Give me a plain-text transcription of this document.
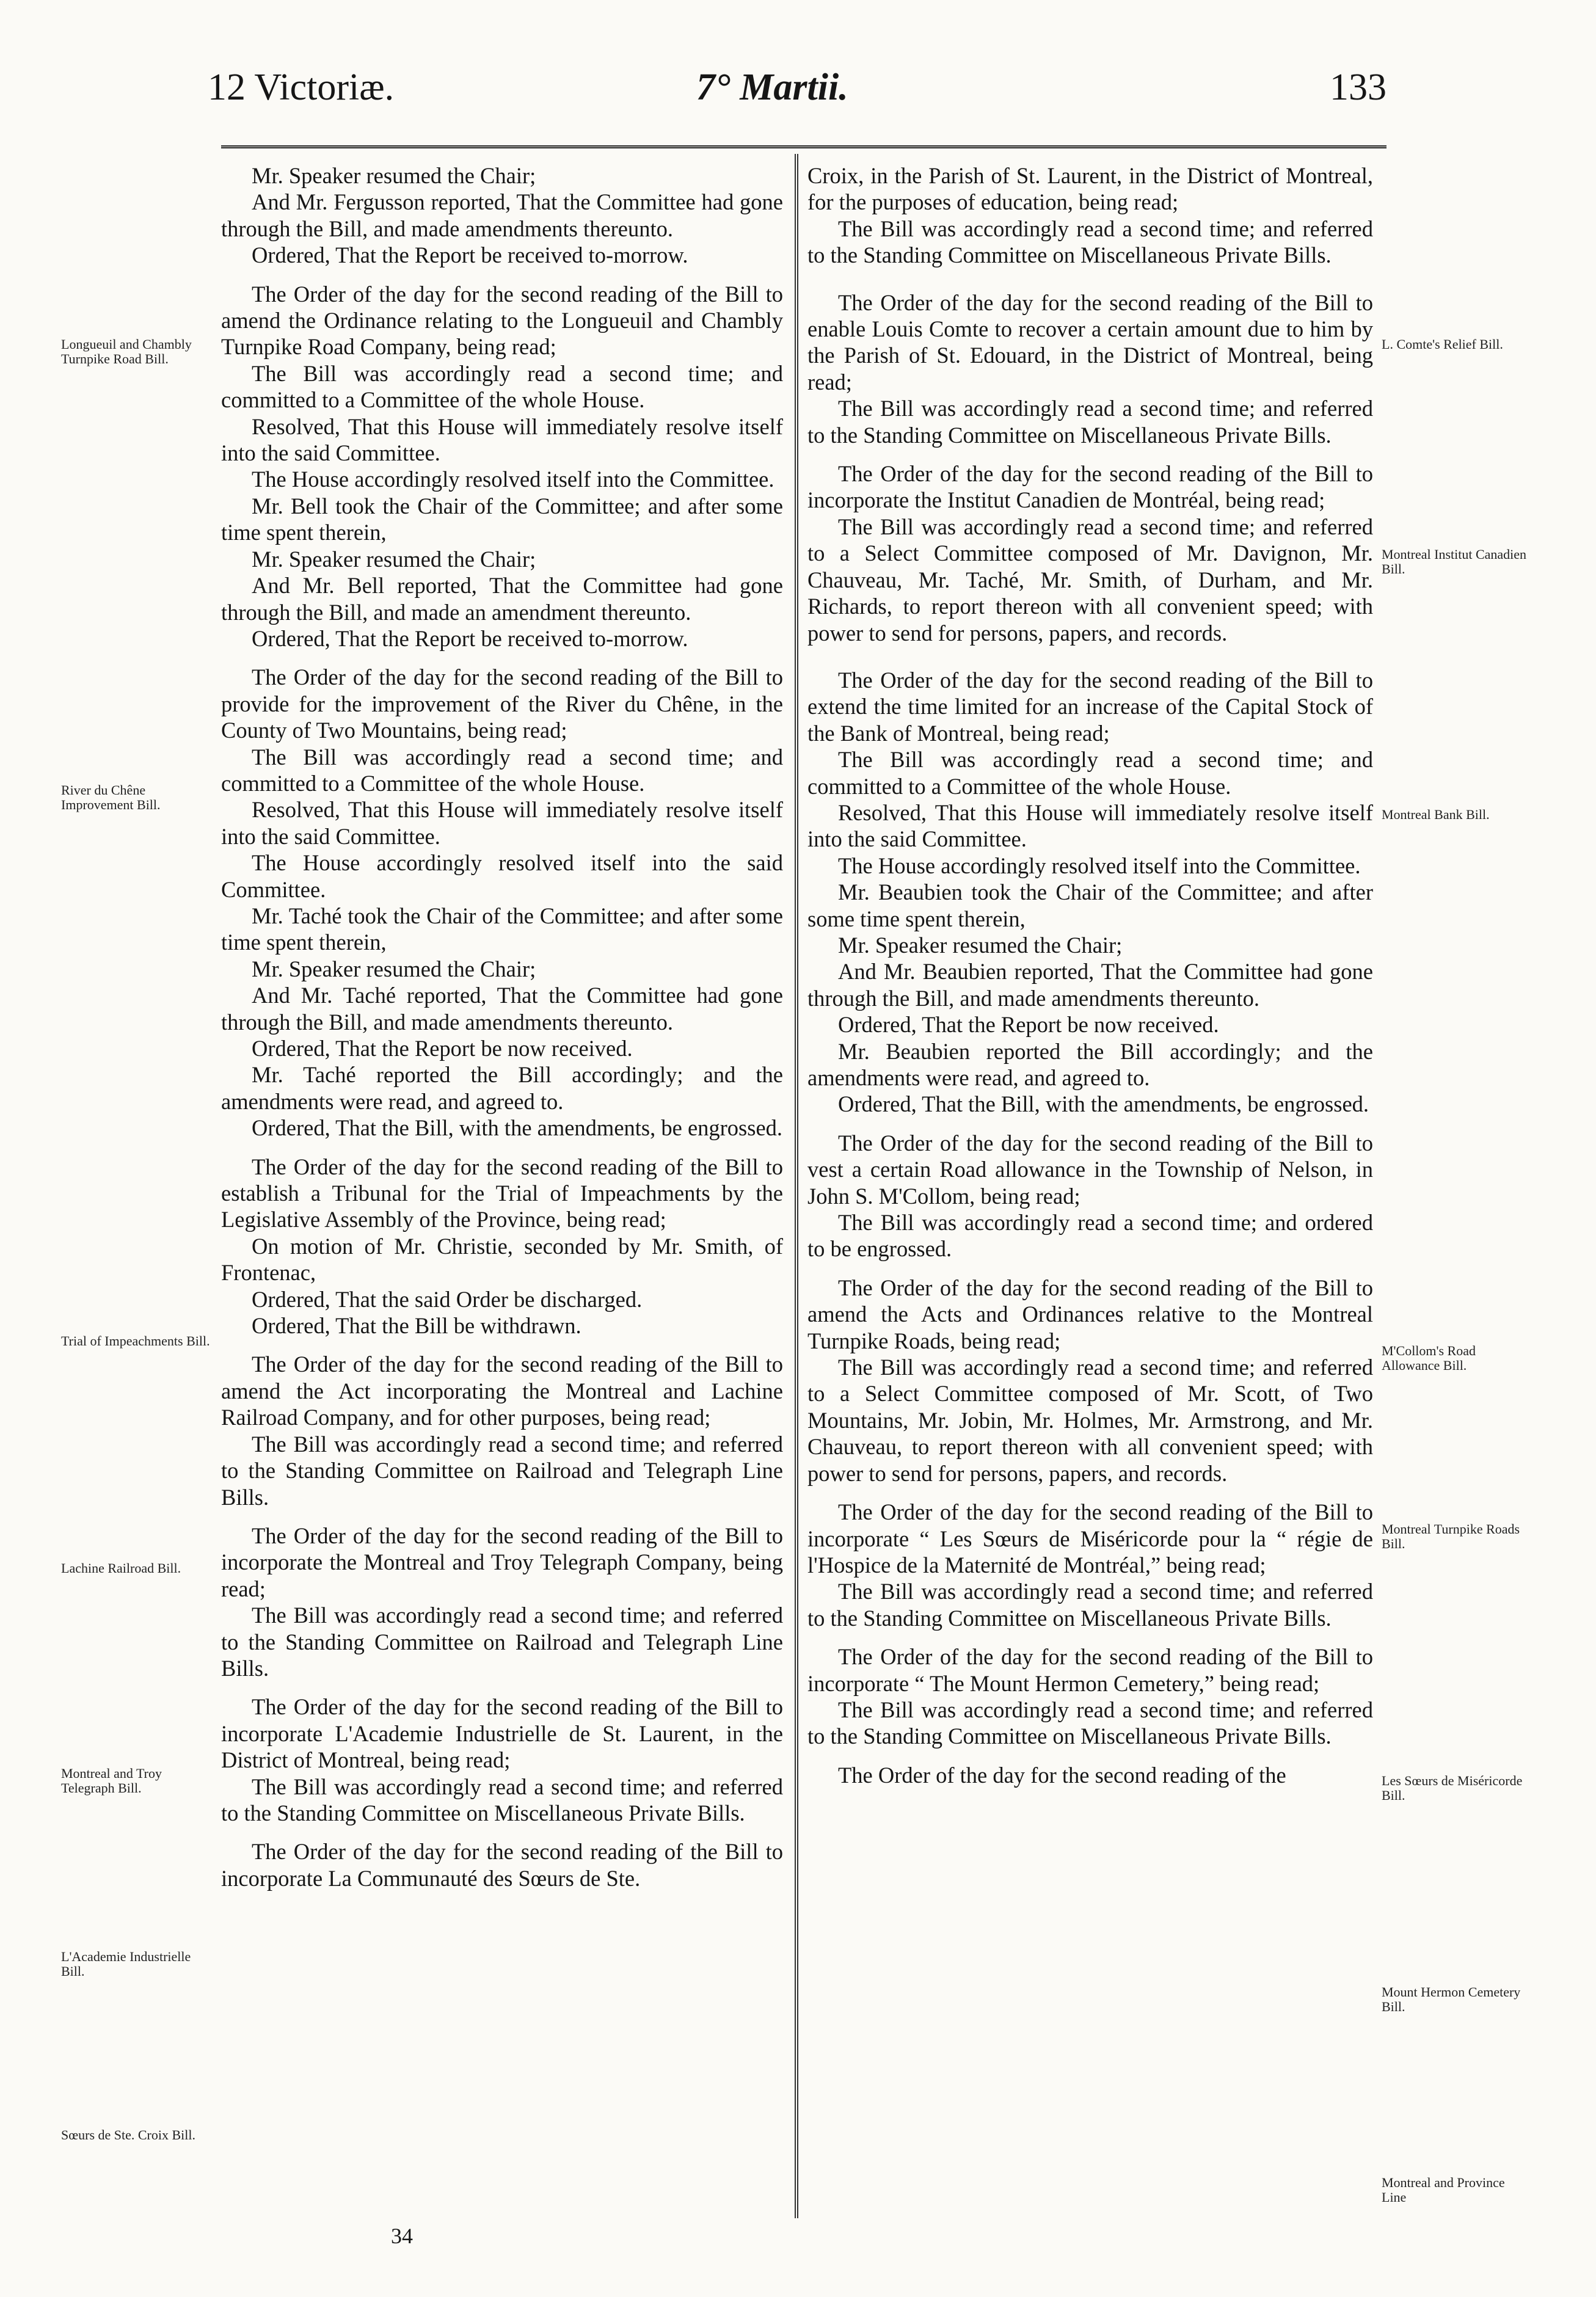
12 Victoriæ.	7° Martii.	133
Longueuil and Chambly Turnpike Road Bill.
River du Chêne Improvement Bill.
Trial of Impeachments Bill.
Lachine Railroad Bill.
Montreal and Troy Telegraph Bill.
L'Academie Industrielle Bill.
Sœurs de Ste. Croix Bill.
L. Comte's Relief Bill.
Montreal Institut Canadien Bill.
Montreal Bank Bill.
M'Collom's Road Allowance Bill.
Montreal Turnpike Roads Bill.
Les Sœurs de Miséricorde Bill.
Mount Hermon Cemetery Bill.
Montreal and Province Line

Mr. Speaker resumed the Chair;

And Mr. Fergusson reported, That the Committee had gone through the Bill, and made amendments thereunto.

Ordered, That the Report be received to-morrow.

The Order of the day for the second reading of the Bill to amend the Ordinance relating to the Longueuil and Chambly Turnpike Road Company, being read;

The Bill was accordingly read a second time; and committed to a Committee of the whole House.

Resolved, That this House will immediately resolve itself into the said Committee.

The House accordingly resolved itself into the Committee.

Mr. Bell took the Chair of the Committee; and after some time spent therein,

Mr. Speaker resumed the Chair;

And Mr. Bell reported, That the Committee had gone through the Bill, and made an amendment thereunto.

Ordered, That the Report be received to-morrow.

The Order of the day for the second reading of the Bill to provide for the improvement of the River du Chêne, in the County of Two Mountains, being read;

The Bill was accordingly read a second time; and committed to a Committee of the whole House.

Resolved, That this House will immediately resolve itself into the said Committee.

The House accordingly resolved itself into the said Committee.

Mr. Taché took the Chair of the Committee; and after some time spent therein,

Mr. Speaker resumed the Chair;

And Mr. Taché reported, That the Committee had gone through the Bill, and made amendments thereunto.

Ordered, That the Report be now received.

Mr. Taché reported the Bill accordingly; and the amendments were read, and agreed to.

Ordered, That the Bill, with the amendments, be engrossed.

The Order of the day for the second reading of the Bill to establish a Tribunal for the Trial of Impeachments by the Legislative Assembly of the Province, being read;

On motion of Mr. Christie, seconded by Mr. Smith, of Frontenac,

Ordered, That the said Order be discharged.

Ordered, That the Bill be withdrawn.

The Order of the day for the second reading of the Bill to amend the Act incorporating the Montreal and Lachine Railroad Company, and for other purposes, being read;

The Bill was accordingly read a second time; and referred to the Standing Committee on Railroad and Telegraph Line Bills.

The Order of the day for the second reading of the Bill to incorporate the Montreal and Troy Telegraph Company, being read;

The Bill was accordingly read a second time; and referred to the Standing Committee on Railroad and Telegraph Line Bills.

The Order of the day for the second reading of the Bill to incorporate L'Academie Industrielle de St. Laurent, in the District of Montreal, being read;

The Bill was accordingly read a second time; and referred to the Standing Committee on Miscellaneous Private Bills.

The Order of the day for the second reading of the Bill to incorporate La Communauté des Sœurs de Ste.

Croix, in the Parish of St. Laurent, in the District of Montreal, for the purposes of education, being read;

The Bill was accordingly read a second time; and referred to the Standing Committee on Miscellaneous Private Bills.

The Order of the day for the second reading of the Bill to enable Louis Comte to recover a certain amount due to him by the Parish of St. Edouard, in the District of Montreal, being read;

The Bill was accordingly read a second time; and referred to the Standing Committee on Miscellaneous Private Bills.

The Order of the day for the second reading of the Bill to incorporate the Institut Canadien de Montréal, being read;

The Bill was accordingly read a second time; and referred to a Select Committee composed of Mr. Davignon, Mr. Chauveau, Mr. Taché, Mr. Smith, of Durham, and Mr. Richards, to report thereon with all convenient speed; with power to send for persons, papers, and records.

The Order of the day for the second reading of the Bill to extend the time limited for an increase of the Capital Stock of the Bank of Montreal, being read;

The Bill was accordingly read a second time; and committed to a Committee of the whole House.

Resolved, That this House will immediately resolve itself into the said Committee.

The House accordingly resolved itself into the Committee.

Mr. Beaubien took the Chair of the Committee; and after some time spent therein,

Mr. Speaker resumed the Chair;

And Mr. Beaubien reported, That the Committee had gone through the Bill, and made amendments thereunto.

Ordered, That the Report be now received.

Mr. Beaubien reported the Bill accordingly; and the amendments were read, and agreed to.

Ordered, That the Bill, with the amendments, be engrossed.

The Order of the day for the second reading of the Bill to vest a certain Road allowance in the Township of Nelson, in John S. M'Collom, being read;

The Bill was accordingly read a second time; and ordered to be engrossed.

The Order of the day for the second reading of the Bill to amend the Acts and Ordinances relative to the Montreal Turnpike Roads, being read;

The Bill was accordingly read a second time; and referred to a Select Committee composed of Mr. Scott, of Two Mountains, Mr. Jobin, Mr. Holmes, Mr. Armstrong, and Mr. Chauveau, to report thereon with all convenient speed; with power to send for persons, papers, and records.

The Order of the day for the second reading of the Bill to incorporate “ Les Sœurs de Miséricorde pour la “ régie de l'Hospice de la Maternité de Montréal,” being read;

The Bill was accordingly read a second time; and referred to the Standing Committee on Miscellaneous Private Bills.

The Order of the day for the second reading of the Bill to incorporate “ The Mount Hermon Cemetery,” being read;

The Bill was accordingly read a second time; and referred to the Standing Committee on Miscellaneous Private Bills.

The Order of the day for the second reading of the

34
